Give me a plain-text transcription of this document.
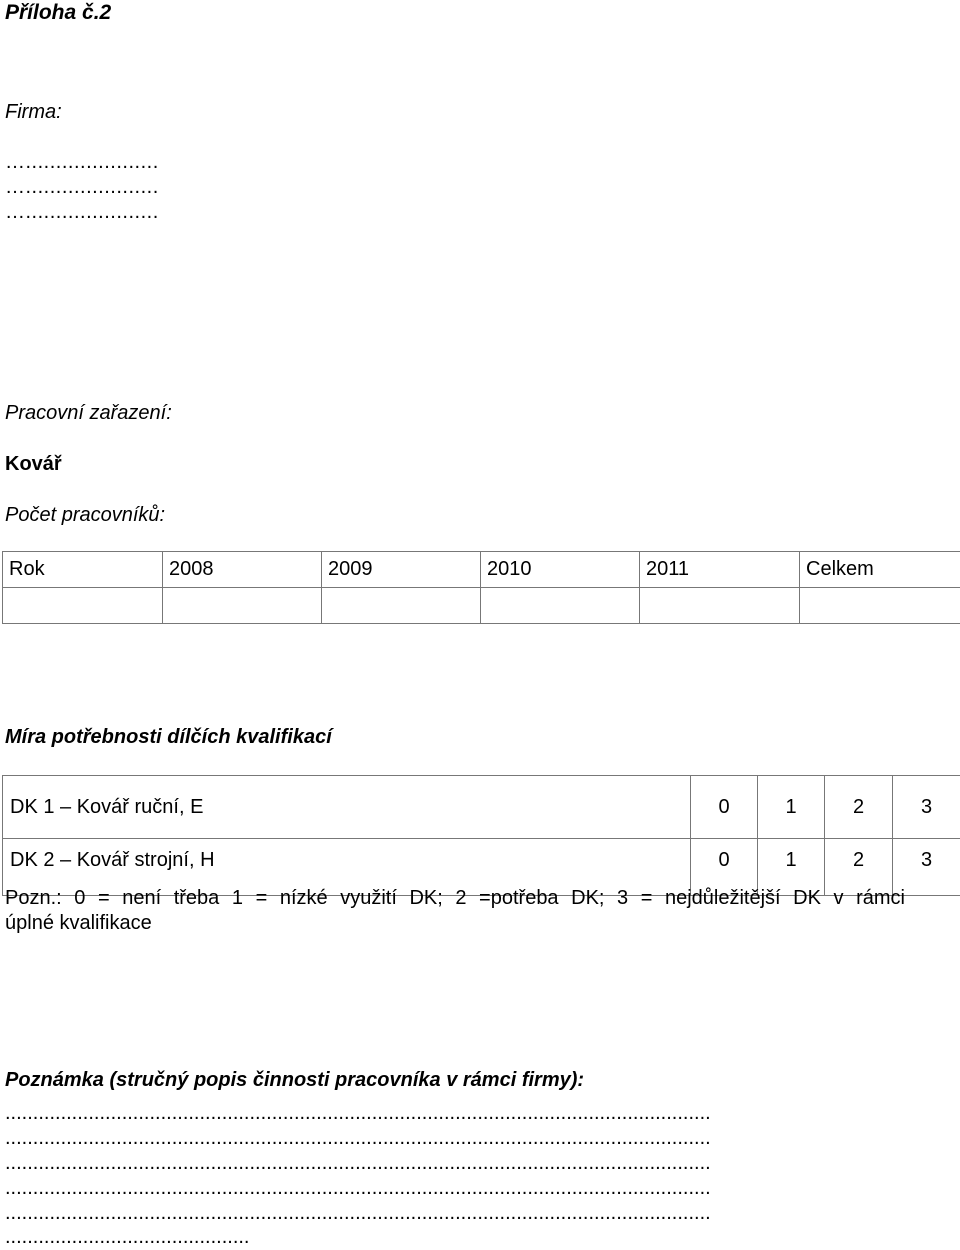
Příloha č.2
Firma:
…......................
…......................
…......................
Pracovní zařazení:
Kovář
Počet pracovníků:
Rok	2008	2009	2010	2011	Celkem

Míra potřebnosti dílčích kvalifikací
DK 1 – Kovář ruční, E	0	1	2	3
DK 2 – Kovář strojní, H	0	1	2	3
Pozn.: 0 = není třeba 1 = nízké využití DK; 2 =potřeba DK; 3 = nejdůležitější DK v rámci
úplné kvalifikace
Poznámka (stručný popis činnosti pracovníka v rámci firmy):
...............................................................................................................................
...............................................................................................................................
...............................................................................................................................
...............................................................................................................................
...............................................................................................................................
............................................
